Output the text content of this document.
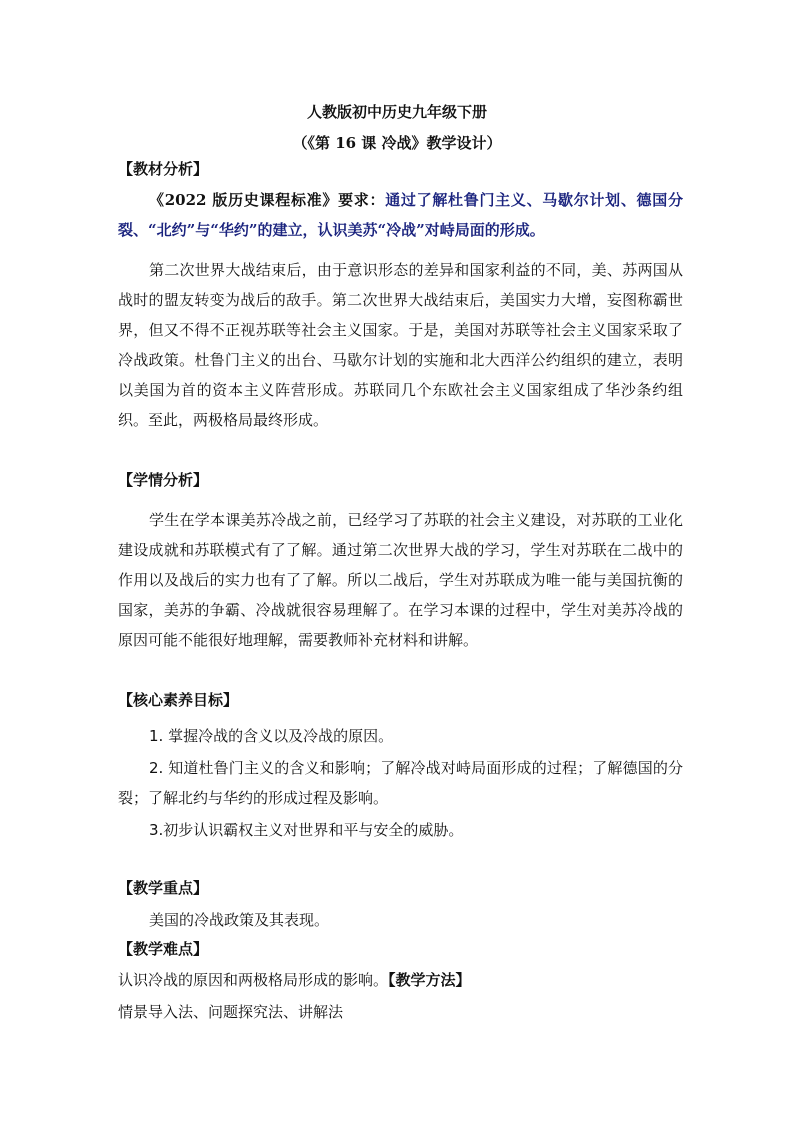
人教版初中历史九年级下册
（《第 16 课 冷战》教学设计）
【教材分析】

《2022 版历史课程标准》要求：通过了解杜鲁门主义、马歇尔计划、德国分裂、“北约”与“华约”的建立，认识美苏“冷战”对峙局面的形成。

第二次世界大战结束后，由于意识形态的差异和国家利益的不同，美、苏两国从战时的盟友转变为战后的敌手。第二次世界大战结束后，美国实力大增，妄图称霸世界，但又不得不正视苏联等社会主义国家。于是，美国对苏联等社会主义国家采取了冷战政策。杜鲁门主义的出台、马歇尔计划的实施和北大西洋公约组织的建立，表明以美国为首的资本主义阵营形成。苏联同几个东欧社会主义国家组成了华沙条约组织。至此，两极格局最终形成。

【学情分析】

学生在学本课美苏冷战之前，已经学习了苏联的社会主义建设，对苏联的工业化建设成就和苏联模式有了了解。通过第二次世界大战的学习，学生对苏联在二战中的作用以及战后的实力也有了了解。所以二战后，学生对苏联成为唯一能与美国抗衡的国家，美苏的争霸、冷战就很容易理解了。在学习本课的过程中，学生对美苏冷战的原因可能不能很好地理解，需要教师补充材料和讲解。

【核心素养目标】

1. 掌握冷战的含义以及冷战的原因。

2. 知道杜鲁门主义的含义和影响；了解冷战对峙局面形成的过程；了解德国的分裂；了解北约与华约的形成过程及影响。

3.初步认识霸权主义对世界和平与安全的威胁。

【教学重点】
美国的冷战政策及其表现。
【教学难点】
认识冷战的原因和两极格局形成的影响。【教学方法】
情景导入法、问题探究法、讲解法
